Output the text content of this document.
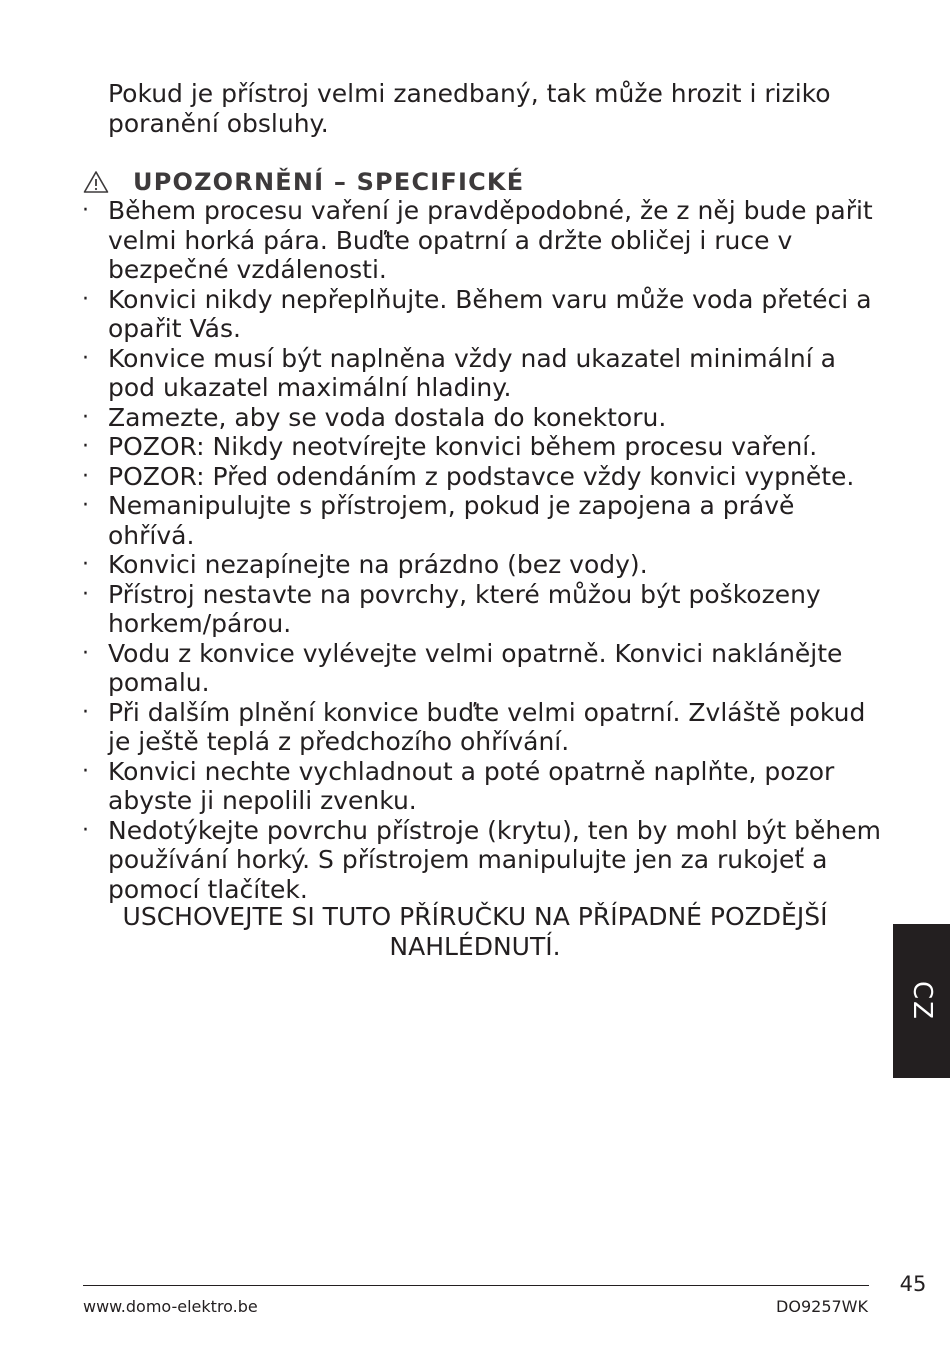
Pokud je přístroj velmi zanedbaný, tak může hrozit i riziko poranění obsluhy.

UPOZORNĚNÍ – SPECIFICKÉ
· Během procesu vaření je pravděpodobné, že z něj bude pařit velmi horká pára. Buďte opatrní a držte obličej i ruce v bezpečné vzdálenosti.
· Konvici nikdy nepřeplňujte. Během varu může voda přetéci a opařit Vás.
· Konvice musí být naplněna vždy nad ukazatel minimální a pod ukazatel maximální hladiny.
· Zamezte, aby se voda dostala do konektoru.
· POZOR: Nikdy neotvírejte konvici během procesu vaření.
· POZOR: Před odendáním z podstavce vždy konvici vypněte.
· Nemanipulujte s přístrojem, pokud je zapojena a právě ohřívá.
· Konvici nezapínejte na prázdno (bez vody).
· Přístroj nestavte na povrchy, které můžou být poškozeny horkem/párou.
· Vodu z konvice vylévejte velmi opatrně. Konvici naklánějte pomalu.
· Při dalším plnění konvice buďte velmi opatrní. Zvláště pokud je ještě teplá z předchozího ohřívání.
· Konvici nechte vychladnout a poté opatrně naplňte, pozor abyste ji nepolili zvenku.
· Nedotýkejte povrchu přístroje (krytu), ten by mohl být během používání horký. S přístrojem manipulujte jen za rukojeť a pomocí tlačítek.

USCHOVEJTE SI TUTO PŘÍRUČKU NA PŘÍPADNÉ POZDĚJŠÍ NAHLÉDNUTÍ.

CZ
45
www.domo-elektro.be	DO9257WK
